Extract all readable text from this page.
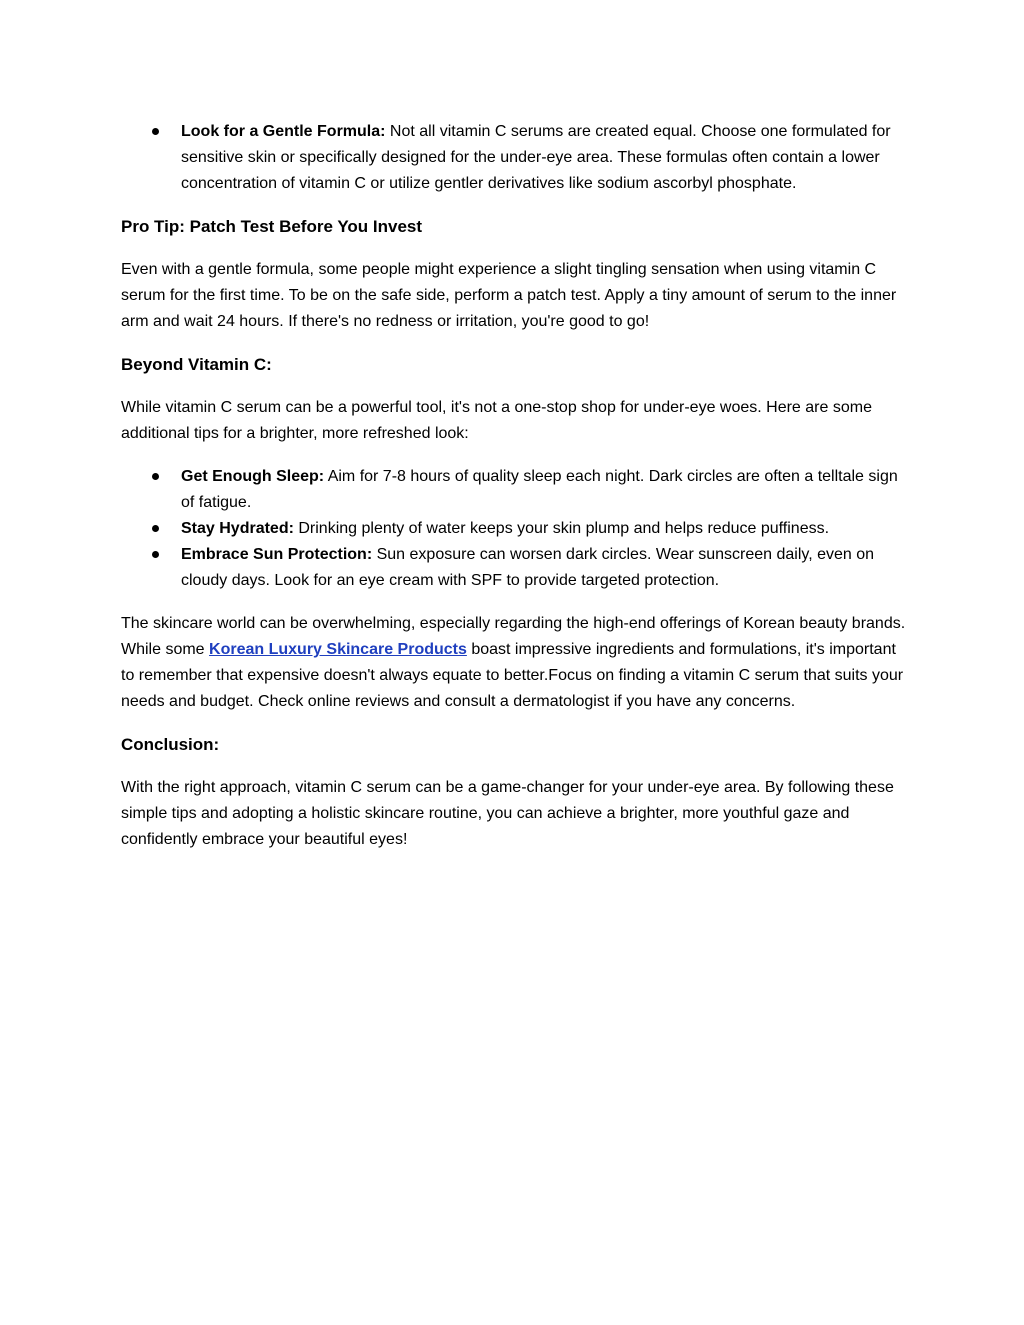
Look for a Gentle Formula: Not all vitamin C serums are created equal. Choose one formulated for sensitive skin or specifically designed for the under-eye area. These formulas often contain a lower concentration of vitamin C or utilize gentler derivatives like sodium ascorbyl phosphate.
Pro Tip: Patch Test Before You Invest

Even with a gentle formula, some people might experience a slight tingling sensation when using vitamin C serum for the first time. To be on the safe side, perform a patch test. Apply a tiny amount of serum to the inner arm and wait 24 hours. If there's no redness or irritation, you're good to go!

Beyond Vitamin C:

While vitamin C serum can be a powerful tool, it's not a one-stop shop for under-eye woes. Here are some additional tips for a brighter, more refreshed look:

Get Enough Sleep: Aim for 7-8 hours of quality sleep each night. Dark circles are often a telltale sign of fatigue.
Stay Hydrated: Drinking plenty of water keeps your skin plump and helps reduce puffiness.
Embrace Sun Protection: Sun exposure can worsen dark circles. Wear sunscreen daily, even on cloudy days. Look for an eye cream with SPF to provide targeted protection.

The skincare world can be overwhelming, especially regarding the high-end offerings of Korean beauty brands. While some Korean Luxury Skincare Products boast impressive ingredients and formulations, it's important to remember that expensive doesn't always equate to better.Focus on finding a vitamin C serum that suits your needs and budget. Check online reviews and consult a dermatologist if you have any concerns.

Conclusion:

With the right approach, vitamin C serum can be a game-changer for your under-eye area. By following these simple tips and adopting a holistic skincare routine, you can achieve a brighter, more youthful gaze and confidently embrace your beautiful eyes!
